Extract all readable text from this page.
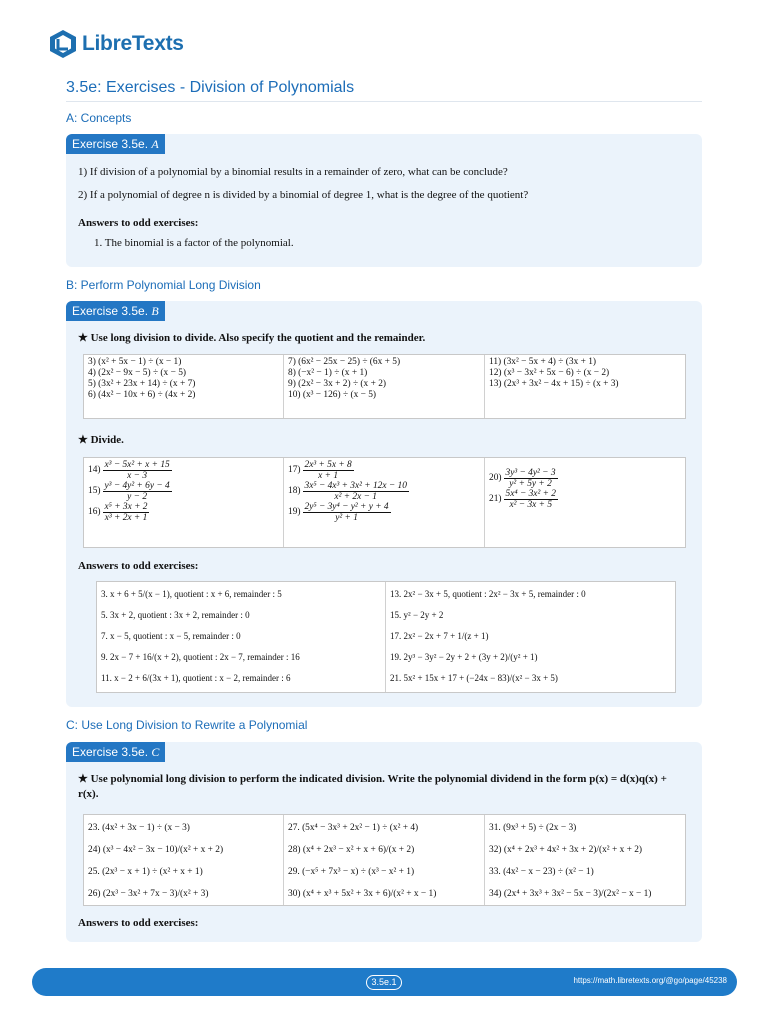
LibreTexts
3.5e: Exercises - Division of Polynomials
A: Concepts
Exercise 3.5e. A
1) If division of a polynomial by a binomial results in a remainder of zero, what can be conclude?
2) If a polynomial of degree n is divided by a binomial of degree 1, what is the degree of the quotient?
Answers to odd exercises:
1. The binomial is a factor of the polynomial.
B: Perform Polynomial Long Division
Exercise 3.5e. B
★ Use long division to divide. Also specify the quotient and the remainder.
3) (x² + 5x − 1) ÷ (x − 1)
4) (2x² − 9x − 5) ÷ (x − 5)
5) (3x² + 23x + 14) ÷ (x + 7)
6) (4x² − 10x + 6) ÷ (4x + 2)
7) (6x² − 25x − 25) ÷ (6x + 5)
8) (−x² − 1) ÷ (x + 1)
9) (2x² − 3x + 2) ÷ (x + 2)
10) (x³ − 126) ÷ (x − 5)
11) (3x² − 5x + 4) ÷ (3x + 1)
12) (x³ − 3x² + 5x − 6) ÷ (x − 2)
13) (2x³ + 3x² − 4x + 15) ÷ (x + 3)
★ Divide.
$14) \frac{\text{x³ − 5x² + x + 15}}{x - 3}$
$15) \frac{\text{y³ − 4y² + 6y − 4}}{y - 2}$
$16) \frac{\text{x⁵ + 3x + 2}}{\text{x³ + 2x + 1}}$
$17) \frac{\text{2x³ + 5x + 8}}{x + 1}$
$18) \frac{\text{3x⁵ − 4x³ + 3x² + 12x − 10}}{\text{x² + 2x − 1}}$
$19) \frac{\text{2y⁵ − 3y⁴ − y² + y + 4}}{\text{y² + 1}}$
$20) \frac{\text{3y³ − 4y² − 3}}{\text{y² + 5y + 2}}$
$21) \frac{\text{5x⁴ − 3x² + 2}}{\text{x² − 3x + 5}}$
Answers to odd exercises:
3. x + 6 + 5/(x − 1), quotient : x + 6, remainder : 5
5. 3x + 2, quotient : 3x + 2, remainder : 0
7. x − 5, quotient : x − 5, remainder : 0
9. 2x − 7 + 16/(x + 2), quotient : 2x − 7, remainder : 16
11. x − 2 + 6/(3x + 1), quotient : x − 2, remainder : 6
13. 2x² − 3x + 5, quotient : 2x² − 3x + 5, remainder : 0
15. y² − 2y + 2
17. 2x² − 2x + 7 + 1/(z + 1)
19. 2y³ − 3y² − 2y + 2 + (3y + 2)/(y² + 1)
21. 5x² + 15x + 17 + (−24x − 83)/(x² − 3x + 5)
C: Use Long Division to Rewrite a Polynomial
Exercise 3.5e. C
★ Use polynomial long division to perform the indicated division. Write the polynomial dividend in the form p(x) = d(x)q(x) + r(x).
23. (4x² + 3x − 1) ÷ (x − 3)
24) (x³ − 4x² − 3x − 10)/(x² + x + 2)
25. (2x³ − x + 1) ÷ (x² + x + 1)
26) (2x³ − 3x² + 7x − 3)/(x² + 3)
27. (5x⁴ − 3x³ + 2x² − 1) ÷ (x² + 4)
28) (x⁴ + 2x³ − x² + x + 6)/(x + 2)
29. (−x⁵ + 7x³ − x) ÷ (x³ − x² + 1)
30) (x⁴ + x³ + 5x² + 3x + 6)/(x² + x − 1)
31. (9x³ + 5) ÷ (2x − 3)
32) (x⁴ + 2x³ + 4x² + 3x + 2)/(x² + x + 2)
33. (4x² − x − 23) ÷ (x² − 1)
34) (2x⁴ + 3x³ + 3x² − 5x − 3)/(2x² − x − 1)
Answers to odd exercises:
3.5e.1	https://math.libretexts.org/@go/page/45238
